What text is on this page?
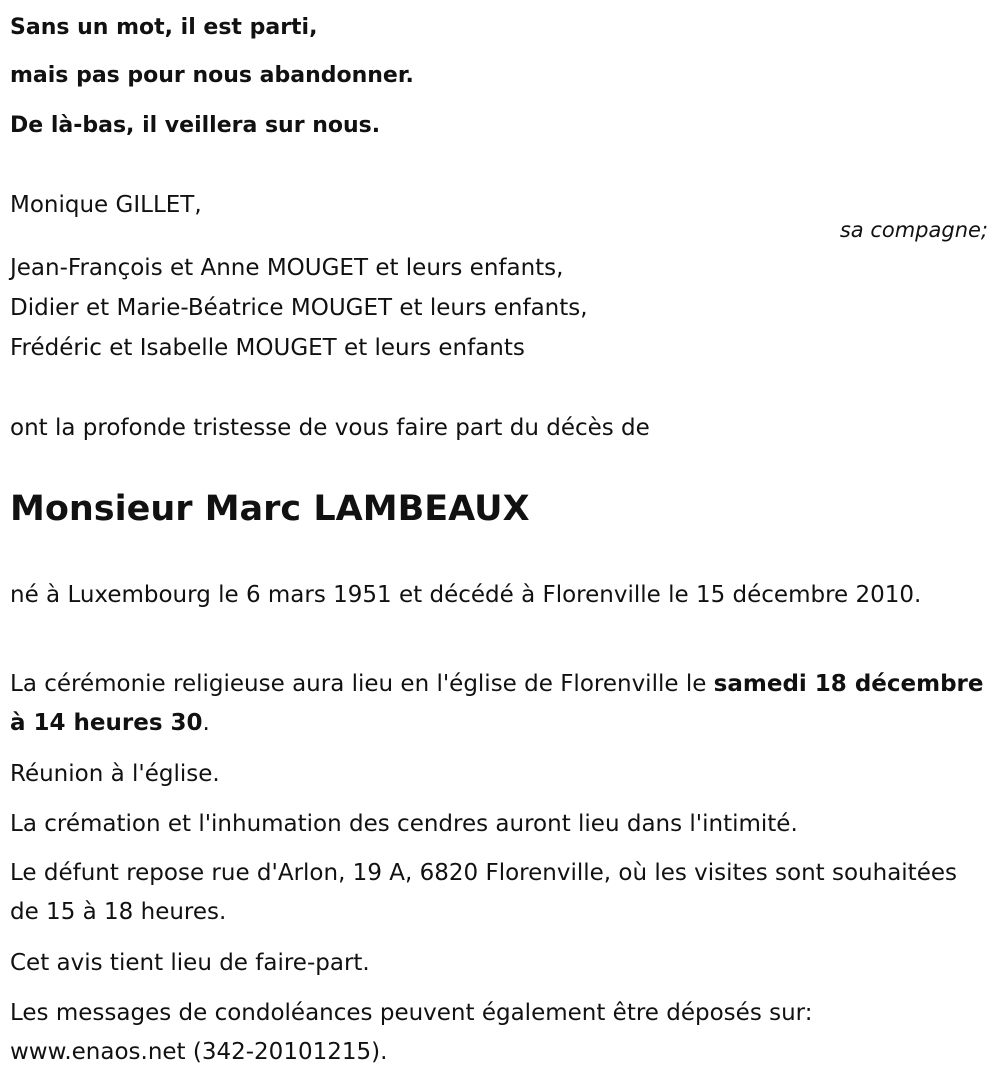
Sans un mot, il est parti,
mais pas pour nous abandonner.
De là-bas, il veillera sur nous.
Monique GILLET,
sa compagne;
Jean-François et Anne MOUGET et leurs enfants,
Didier et Marie-Béatrice MOUGET et leurs enfants,
Frédéric et Isabelle MOUGET et leurs enfants
ont la profonde tristesse de vous faire part du décès de
Monsieur Marc LAMBEAUX
né à Luxembourg le 6 mars 1951 et décédé à Florenville le 15 décembre 2010.
La cérémonie religieuse aura lieu en l'église de Florenville le samedi 18 décembre à 14 heures 30.
Réunion à l'église.
La crémation et l'inhumation des cendres auront lieu dans l'intimité.
Le défunt repose rue d'Arlon, 19 A, 6820 Florenville, où les visites sont souhaitées de 15 à 18 heures.
Cet avis tient lieu de faire-part.
Les messages de condoléances peuvent également être déposés sur: www.enaos.net (342-20101215).
